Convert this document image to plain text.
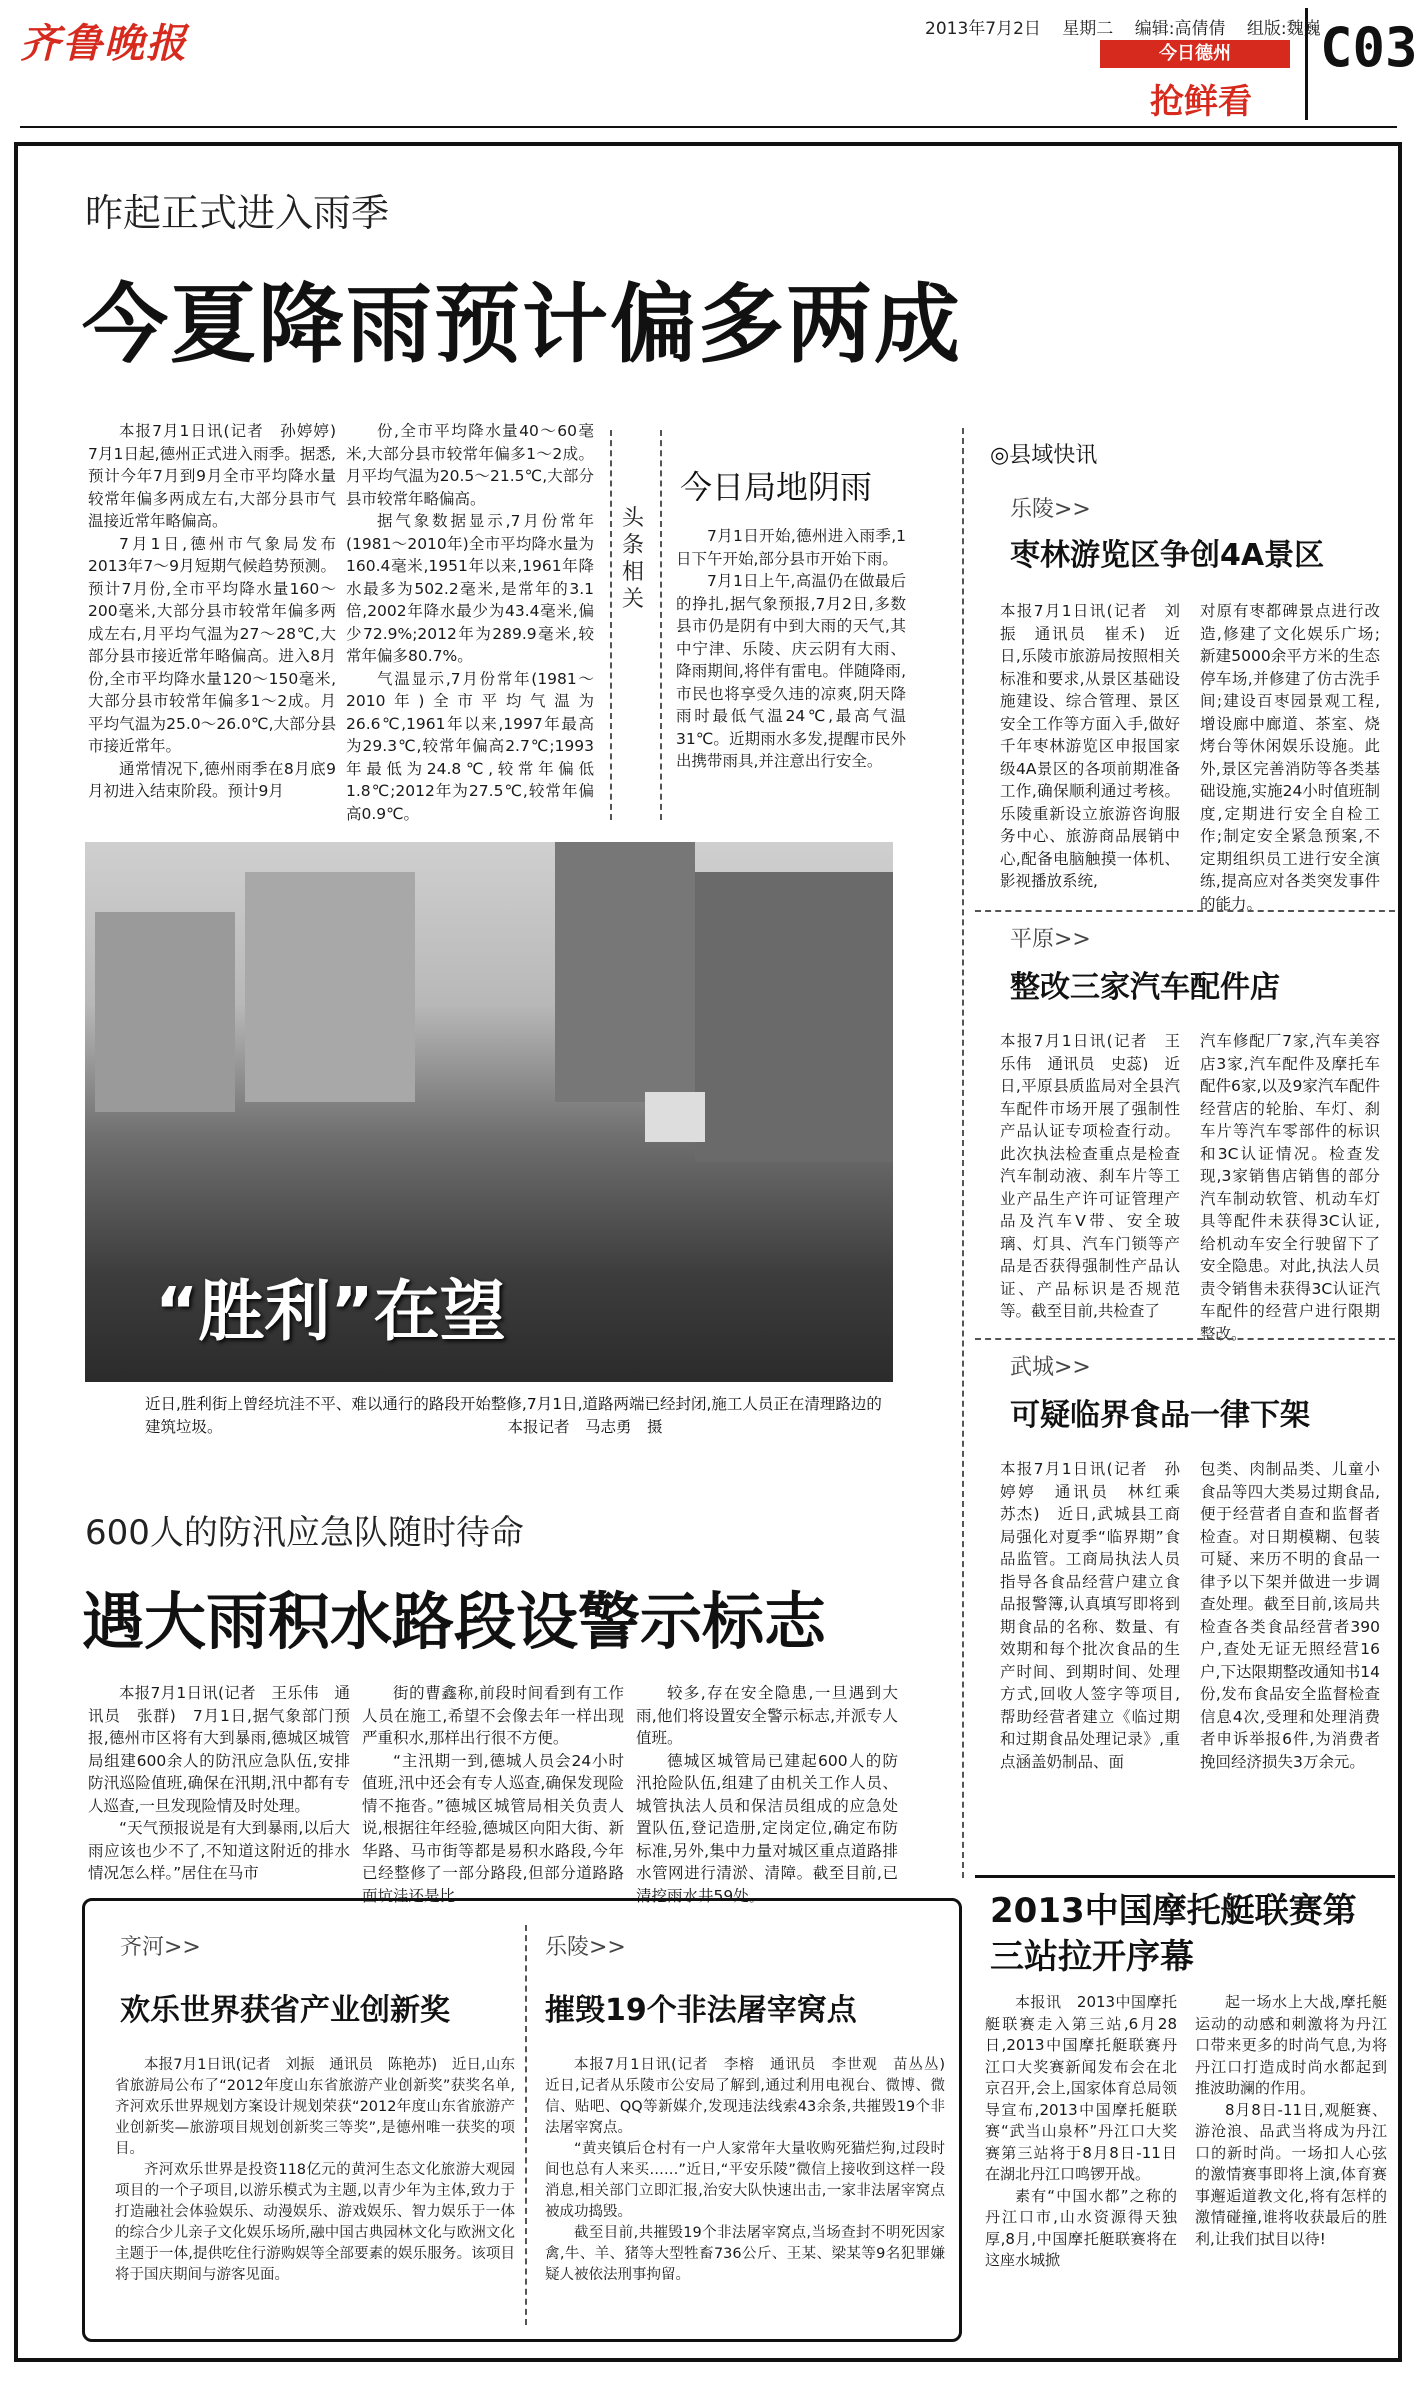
齐鲁晚报	2013年7月2日 星期二 编辑:高倩倩 组版:魏巍
今日德州
抢鲜看
C03
昨起正式进入雨季
今夏降雨预计偏多两成

本报7月1日讯(记者　孙婷婷)　7月1日起,德州正式进入雨季。据悉,预计今年7月到9月全市平均降水量较常年偏多两成左右,大部分县市气温接近常年略偏高。

7月1日,德州市气象局发布2013年7～9月短期气候趋势预测。预计7月份,全市平均降水量160～200毫米,大部分县市较常年偏多两成左右,月平均气温为27～28℃,大部分县市接近常年略偏高。进入8月份,全市平均降水量120～150毫米,大部分县市较常年偏多1～2成。月平均气温为25.0～26.0℃,大部分县市接近常年。

通常情况下,德州雨季在8月底9月初进入结束阶段。预计9月

份,全市平均降水量40～60毫米,大部分县市较常年偏多1～2成。月平均气温为20.5～21.5℃,大部分县市较常年略偏高。

据气象数据显示,7月份常年(1981～2010年)全市平均降水量为160.4毫米,1951年以来,1961年降水最多为502.2毫米,是常年的3.1倍,2002年降水最少为43.4毫米,偏少72.9%;2012年为289.9毫米,较常年偏多80.7%。

气温显示,7月份常年(1981～2010年)全市平均气温为26.6℃,1961年以来,1997年最高为29.3℃,较常年偏高2.7℃;1993年最低为24.8℃,较常年偏低1.8℃;2012年为27.5℃,较常年偏高0.9℃。

头条相关
今日局地阴雨

7月1日开始,德州进入雨季,1日下午开始,部分县市开始下雨。

7月1日上午,高温仍在做最后的挣扎,据气象预报,7月2日,多数县市仍是阴有中到大雨的天气,其中宁津、乐陵、庆云阴有大雨、降雨期间,将伴有雷电。伴随降雨,市民也将享受久违的凉爽,阴天降雨时最低气温24℃,最高气温31℃。近期雨水多发,提醒市民外出携带雨具,并注意出行安全。

“胜利”在望
近日,胜利街上曾经坑洼不平、难以通行的路段开始整修,7月1日,道路两端已经封闭,施工人员正在清理路边的建筑垃圾。	本报记者　马志勇　摄
600人的防汛应急队随时待命
遇大雨积水路段设警示标志

本报7月1日讯(记者　王乐伟　通讯员　张群)　7月1日,据气象部门预报,德州市区将有大到暴雨,德城区城管局组建600余人的防汛应急队伍,安排防汛巡险值班,确保在汛期,汛中都有专人巡查,一旦发现险情及时处理。

“天气预报说是有大到暴雨,以后大雨应该也少不了,不知道这附近的排水情况怎么样。”居住在马市

街的曹鑫称,前段时间看到有工作人员在施工,希望不会像去年一样出现严重积水,那样出行很不方便。

“主汛期一到,德城人员会24小时值班,汛中还会有专人巡查,确保发现险情不拖沓。”德城区城管局相关负责人说,根据往年经验,德城区向阳大街、新华路、马市街等都是易积水路段,今年已经整修了一部分路段,但部分道路路面坑洼还是比

较多,存在安全隐患,一旦遇到大雨,他们将设置安全警示标志,并派专人值班。

德城区城管局已建起600人的防汛抢险队伍,组建了由机关工作人员、城管执法人员和保洁员组成的应急处置队伍,登记造册,定岗定位,确定布防标准,另外,集中力量对城区重点道路排水管网进行清淤、清障。截至目前,已清挖雨水井59处。

齐河>>
欢乐世界获省产业创新奖

本报7月1日讯(记者　刘振　通讯员　陈艳苏)　近日,山东省旅游局公布了“2012年度山东省旅游产业创新奖”获奖名单,齐河欢乐世界规划方案设计规划荣获“2012年度山东省旅游产业创新奖—旅游项目规划创新奖三等奖”,是德州唯一获奖的项目。

齐河欢乐世界是投资118亿元的黄河生态文化旅游大观园项目的一个子项目,以游乐模式为主题,以青少年为主体,致力于打造融社会体验娱乐、动漫娱乐、游戏娱乐、智力娱乐于一体的综合少儿亲子文化娱乐场所,融中国古典园林文化与欧洲文化主题于一体,提供吃住行游购娱等全部要素的娱乐服务。该项目将于国庆期间与游客见面。

乐陵>>
摧毁19个非法屠宰窝点

本报7月1日讯(记者　李榕　通讯员　李世观　苗丛丛)　近日,记者从乐陵市公安局了解到,通过利用电视台、微博、微信、贴吧、QQ等新媒介,发现违法线索43余条,共摧毁19个非法屠宰窝点。

“黄夹镇后仓村有一户人家常年大量收购死猫烂狗,过段时间也总有人来买……”近日,“平安乐陵”微信上接收到这样一段消息,相关部门立即汇报,治安大队快速出击,一家非法屠宰窝点被成功捣毁。

截至目前,共摧毁19个非法屠宰窝点,当场查封不明死因家禽,牛、羊、猪等大型牲畜736公斤、王某、梁某等9名犯罪嫌疑人被依法刑事拘留。

◎县域快讯
乐陵>>
枣林游览区争创4A景区
本报7月1日讯(记者　刘振　通讯员　崔禾)　近日,乐陵市旅游局按照相关标准和要求,从景区基础设施建设、综合管理、景区安全工作等方面入手,做好千年枣林游览区申报国家级4A景区的各项前期准备工作,确保顺利通过考核。乐陵重新设立旅游咨询服务中心、旅游商品展销中心,配备电脑触摸一体机、影视播放系统,
对原有枣都碑景点进行改造,修建了文化娱乐广场;新建5000余平方米的生态停车场,并修建了仿古洗手间;建设百枣园景观工程,增设廊中廊道、茶室、烧烤台等休闲娱乐设施。此外,景区完善消防等各类基础设施,实施24小时值班制度,定期进行安全自检工作;制定安全紧急预案,不定期组织员工进行安全演练,提高应对各类突发事件的能力。
平原>>
整改三家汽车配件店
本报7月1日讯(记者　王乐伟　通讯员　史蕊)　近日,平原县质监局对全县汽车配件市场开展了强制性产品认证专项检查行动。此次执法检查重点是检查汽车制动液、刹车片等工业产品生产许可证管理产品及汽车V带、安全玻璃、灯具、汽车门锁等产品是否获得强制性产品认证、产品标识是否规范等。截至目前,共检查了
汽车修配厂7家,汽车美容店3家,汽车配件及摩托车配件6家,以及9家汽车配件经营店的轮胎、车灯、刹车片等汽车零部件的标识和3C认证情况。检查发现,3家销售店销售的部分汽车制动软管、机动车灯具等配件未获得3C认证,给机动车安全行驶留下了安全隐患。对此,执法人员责令销售未获得3C认证汽车配件的经营户进行限期整改。
武城>>
可疑临界食品一律下架
本报7月1日讯(记者　孙婷婷　通讯员　林红乘　苏杰)　近日,武城县工商局强化对夏季“临界期”食品监管。工商局执法人员指导各食品经营户建立食品报警簿,认真填写即将到期食品的名称、数量、有效期和每个批次食品的生产时间、到期时间、处理方式,回收人签字等项目,帮助经营者建立《临过期和过期食品处理记录》,重点涵盖奶制品、面
包类、肉制品类、儿童小食品等四大类易过期食品,便于经营者自查和监督者检查。对日期模糊、包装可疑、来历不明的食品一律予以下架并做进一步调查处理。截至目前,该局共检查各类食品经营者390户,查处无证无照经营16户,下达限期整改通知书14份,发布食品安全监督检查信息4次,受理和处理消费者申诉举报6件,为消费者挽回经济损失3万余元。
2013中国摩托艇联赛第三站拉开序幕

本报讯　2013中国摩托艇联赛走入第三站,6月28日,2013中国摩托艇联赛丹江口大奖赛新闻发布会在北京召开,会上,国家体育总局领导宣布,2013中国摩托艇联赛“武当山泉杯”丹江口大奖赛第三站将于8月8日-11日在湖北丹江口鸣锣开战。

素有“中国水都”之称的丹江口市,山水资源得天独厚,8月,中国摩托艇联赛将在这座水城掀

起一场水上大战,摩托艇运动的动感和刺激将为丹江口带来更多的时尚气息,为将丹江口打造成时尚水都起到推波助澜的作用。

8月8日-11日,观艇赛、游沧浪、品武当将成为丹江口的新时尚。一场扣人心弦的激情赛事即将上演,体育赛事邂逅道教文化,将有怎样的激情碰撞,谁将收获最后的胜利,让我们拭目以待!
